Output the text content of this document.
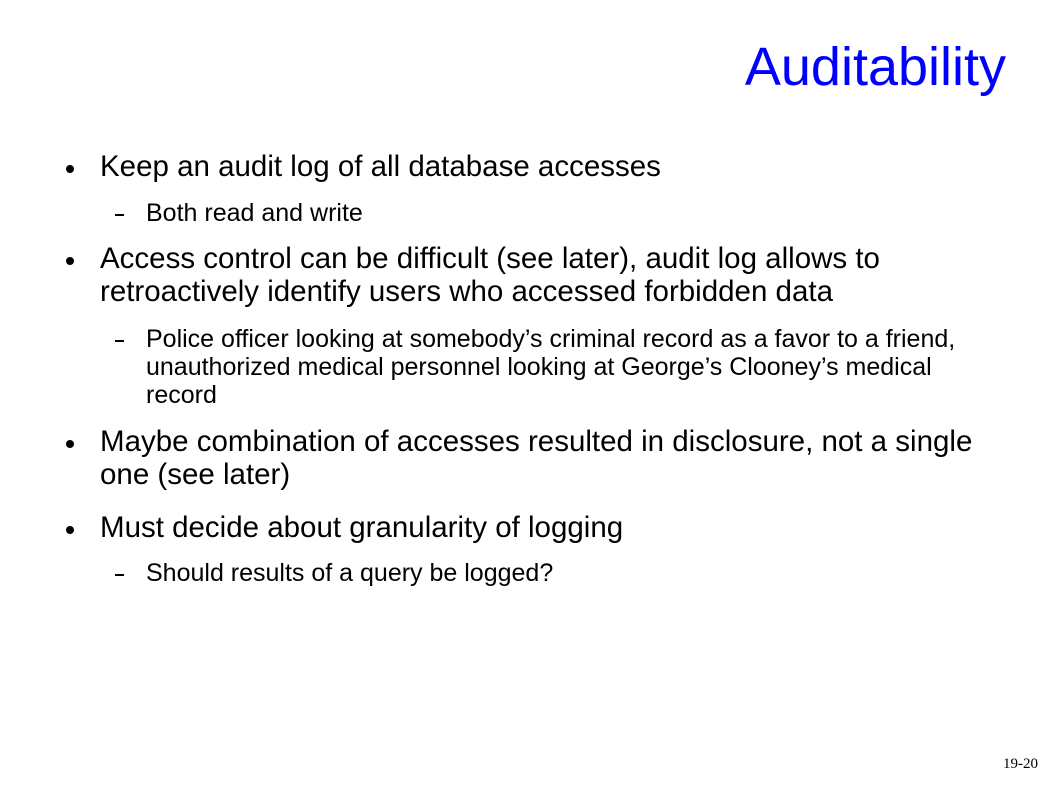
Auditability
Keep an audit log of all database accesses
Both read and write
Access control can be difficult (see later), audit log allows to retroactively identify users who accessed forbidden data
Police officer looking at somebody’s criminal record as a favor to a friend, unauthorized medical personnel looking at George’s Clooney’s medical record
Maybe combination of accesses resulted in disclosure, not a single one (see later)
Must decide about granularity of logging
Should results of a query be logged?
19-20
